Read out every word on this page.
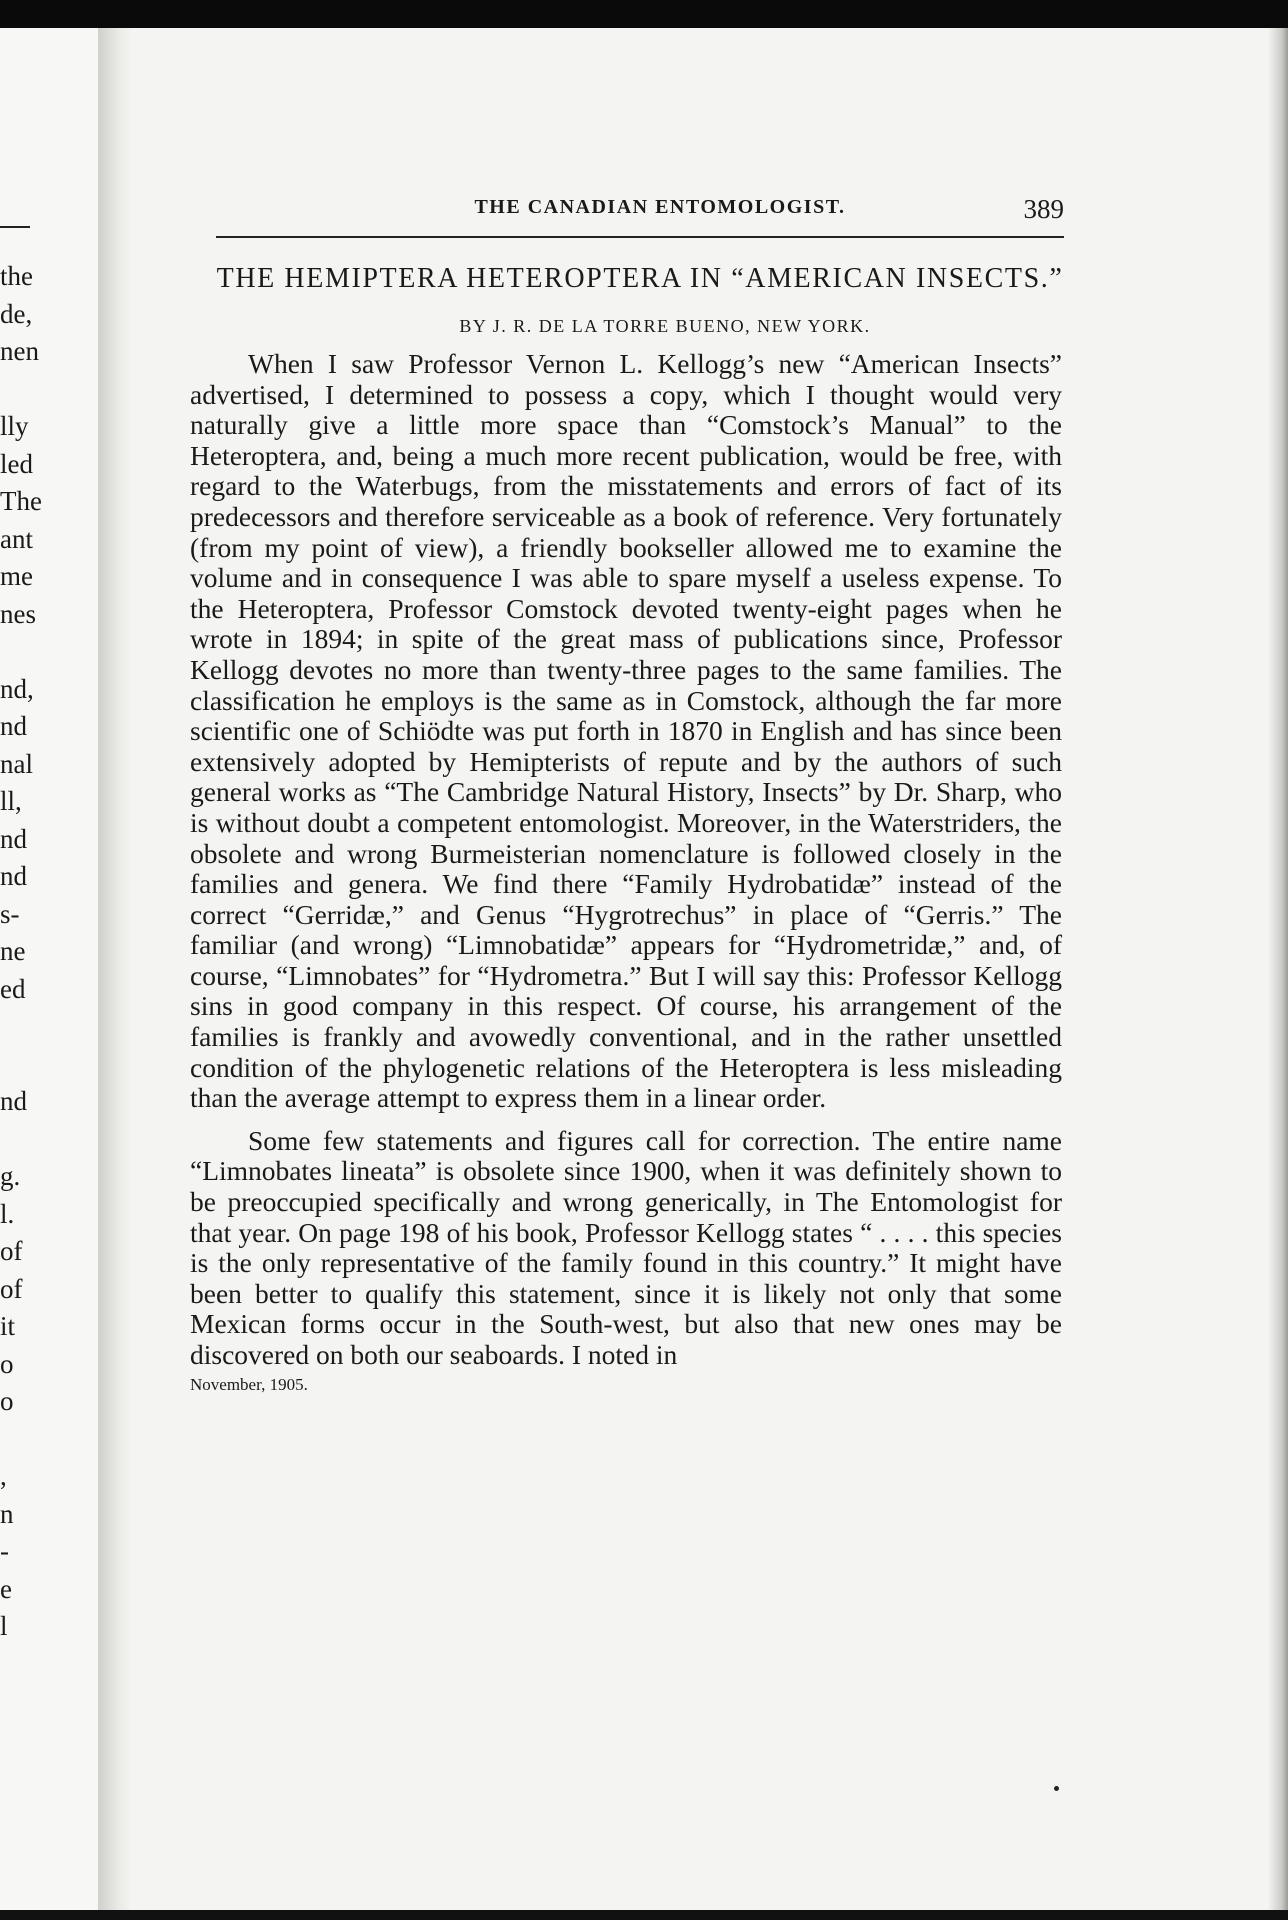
the
de,
nen
lly
led
The
ant
me
nes
nd,
nd
nal
ll,
nd
nd
s-
ne
ed
nd
g.
l.
of
of
it
o
o
,
n
-
e
l
THE CANADIAN ENTOMOLOGIST.	389
THE HEMIPTERA HETEROPTERA IN “AMERICAN INSECTS.”
BY J. R. DE LA TORRE BUENO, NEW YORK.

When I saw Professor Vernon L. Kellogg’s new “American Insects” advertised, I determined to possess a copy, which I thought would very naturally give a little more space than “Comstock’s Manual” to the Heteroptera, and, being a much more recent publication, would be free, with regard to the Waterbugs, from the misstatements and errors of fact of its predecessors and therefore serviceable as a book of reference. Very fortunately (from my point of view), a friendly bookseller allowed me to examine the volume and in consequence I was able to spare myself a useless expense. To the Heteroptera, Professor Comstock devoted twenty-eight pages when he wrote in 1894; in spite of the great mass of publications since, Professor Kellogg devotes no more than twenty-three pages to the same families. The classification he employs is the same as in Comstock, although the far more scientific one of Schiödte was put forth in 1870 in English and has since been extensively adopted by Hemipterists of repute and by the authors of such general works as “The Cambridge Natural History, Insects” by Dr. Sharp, who is without doubt a competent entomologist. Moreover, in the Waterstriders, the obsolete and wrong Burmeisterian nomenclature is followed closely in the families and genera. We find there “Family Hydrobatidæ” instead of the correct “Gerridæ,” and Genus “Hygrotrechus” in place of “Gerris.” The familiar (and wrong) “Limnobatidæ” appears for “Hydrometridæ,” and, of course, “Limnobates” for “Hydrometra.” But I will say this: Professor Kellogg sins in good company in this respect. Of course, his arrangement of the families is frankly and avowedly conventional, and in the rather unsettled condition of the phylogenetic relations of the Heteroptera is less misleading than the average attempt to express them in a linear order.

Some few statements and figures call for correction. The entire name “Limnobates lineata” is obsolete since 1900, when it was definitely shown to be preoccupied specifically and wrong generically, in The Entomologist for that year. On page 198 of his book, Professor Kellogg states “ . . . . this species is the only representative of the family found in this country.” It might have been better to qualify this statement, since it is likely not only that some Mexican forms occur in the South-west, but also that new ones may be discovered on both our seaboards. I noted in

November, 1905.
